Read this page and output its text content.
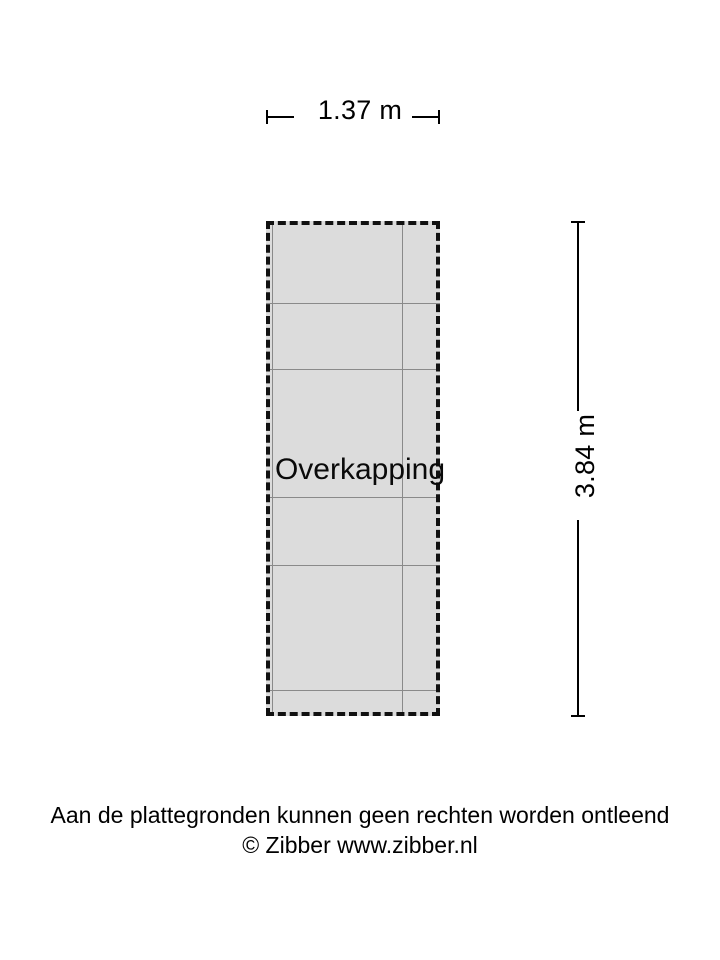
1.37 m
Overkapping	3.84 m
Aan de plattegronden kunnen geen rechten worden ontleend
© Zibber www.zibber.nl
